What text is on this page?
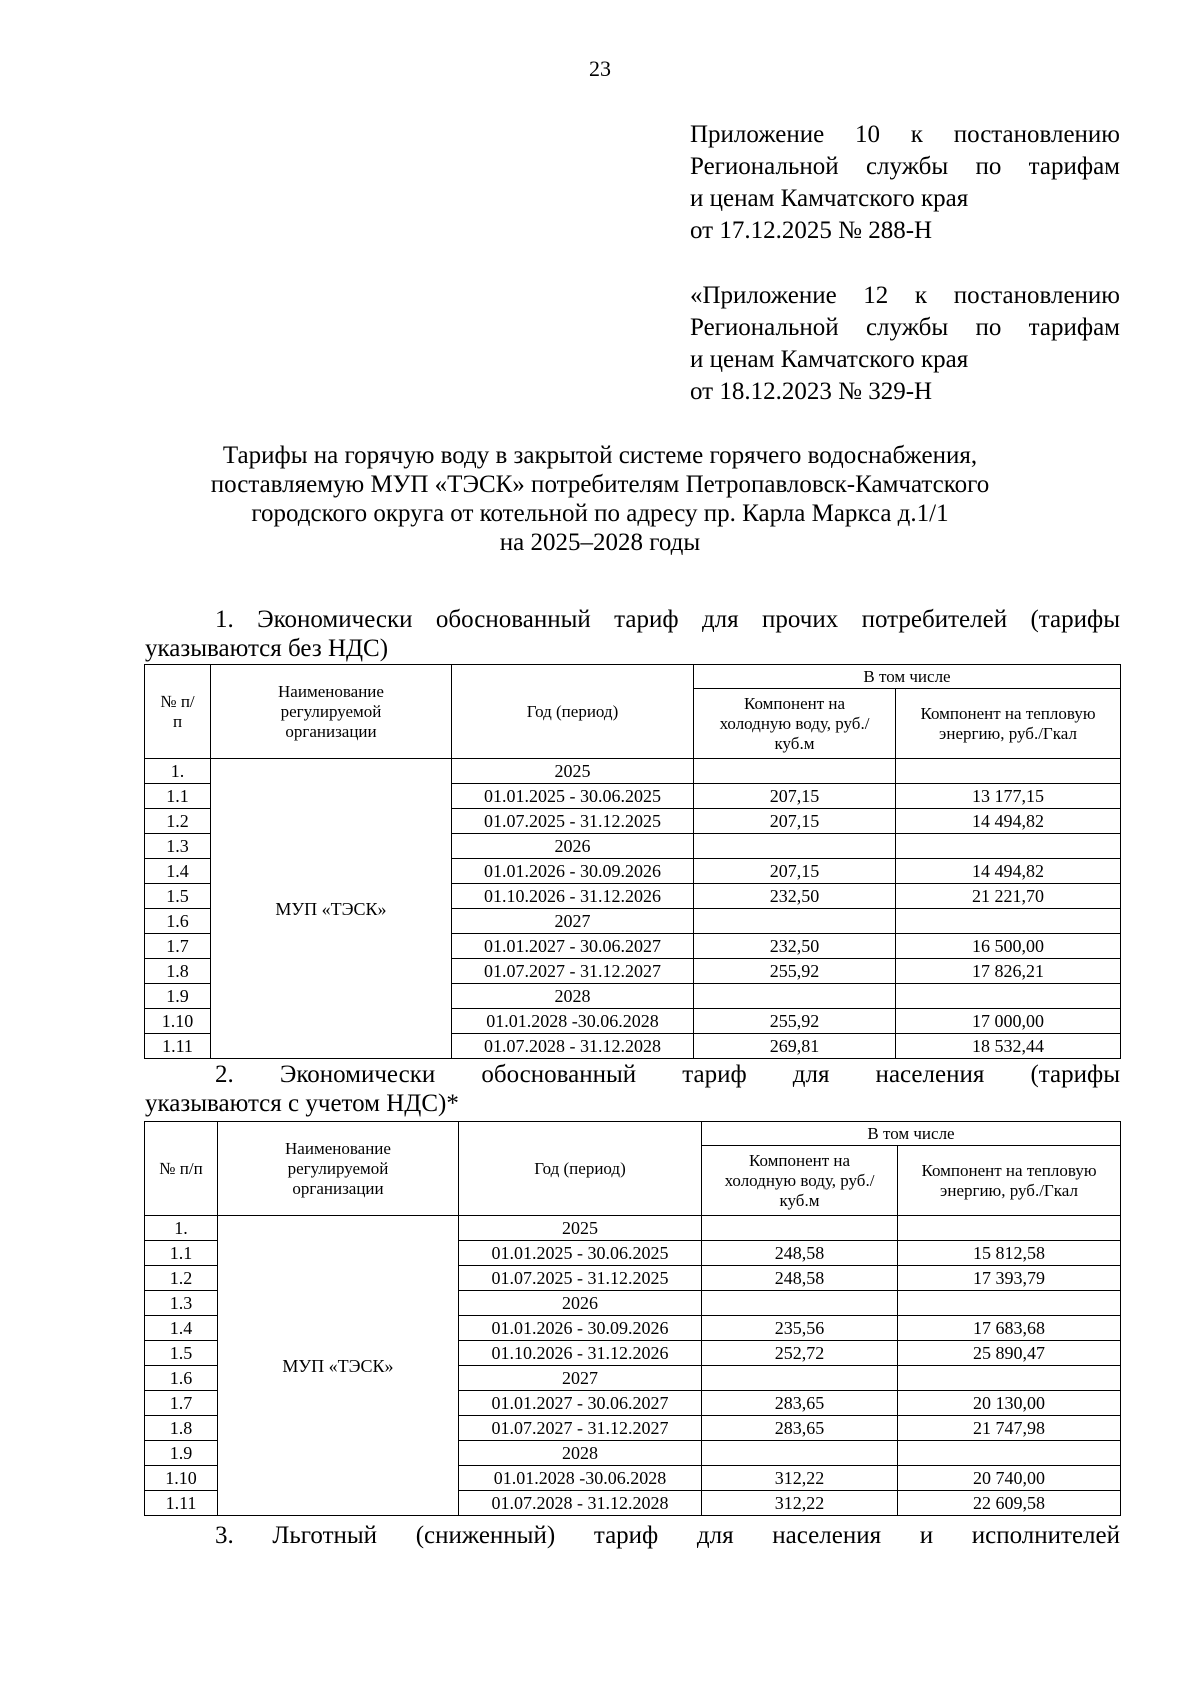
23
Приложение 10 к постановлению
Региональной службы по тарифам
и ценам Камчатского края
от 17.12.2025 № 288-Н
«Приложение 12 к постановлению
Региональной службы по тарифам
и ценам Камчатского края
от 18.12.2023 № 329-Н
Тарифы на горячую воду в закрытой системе горячего водоснабжения,
поставляемую МУП «ТЭСК» потребителям Петропавловск-Камчатского
городского округа от котельной по адресу пр. Карла Маркса д.1/1
на 2025–2028 годы
1. Экономически обоснованный тариф для прочих потребителей (тарифы
указываются без НДС)
№ п/п	Наименование регулируемой организации	Год (период)	В том числе	
			Компонент на холодную воду, руб./куб.м	Компонент на тепловую энергию, руб./Гкал
1.	МУП «ТЭСК»	2025		
1.1		01.01.2025 - 30.06.2025	207,15	13 177,15
1.2		01.07.2025 - 31.12.2025	207,15	14 494,82
1.3		2026		
1.4		01.01.2026 - 30.09.2026	207,15	14 494,82
1.5		01.10.2026 - 31.12.2026	232,50	21 221,70
1.6		2027		
1.7		01.01.2027 - 30.06.2027	232,50	16 500,00
1.8		01.07.2027 - 31.12.2027	255,92	17 826,21
1.9		2028		
1.10		01.01.2028 -30.06.2028	255,92	17 000,00
1.11		01.07.2028 - 31.12.2028	269,81	18 532,44
2. Экономически обоснованный тариф для населения (тарифы
указываются с учетом НДС)*
№ п/п	Наименование регулируемой организации	Год (период)	В том числе	
			Компонент на холодную воду, руб./куб.м	Компонент на тепловую энергию, руб./Гкал
1.	МУП «ТЭСК»	2025		
1.1		01.01.2025 - 30.06.2025	248,58	15 812,58
1.2		01.07.2025 - 31.12.2025	248,58	17 393,79
1.3		2026		
1.4		01.01.2026 - 30.09.2026	235,56	17 683,68
1.5		01.10.2026 - 31.12.2026	252,72	25 890,47
1.6		2027		
1.7		01.01.2027 - 30.06.2027	283,65	20 130,00
1.8		01.07.2027 - 31.12.2027	283,65	21 747,98
1.9		2028		
1.10		01.01.2028 -30.06.2028	312,22	20 740,00
1.11		01.07.2028 - 31.12.2028	312,22	22 609,58
3. Льготный (сниженный) тариф для населения и исполнителей
